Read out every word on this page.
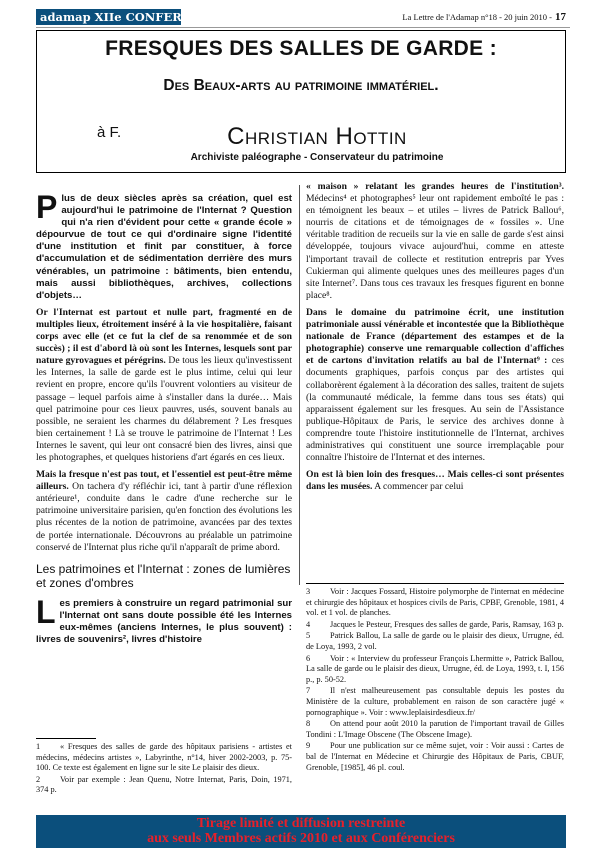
adamap XIIe CONFERENCE	La Lettre de l'Adamap n°18 - 20 juin 2010 - 17
FRESQUES DES SALLES DE GARDE :
Des Beaux-arts au patrimoine immatériel.
à F.	Christian Hottin
Archiviste paléographe - Conservateur du patrimoine

Plus de deux siècles après sa création, quel est aujourd'hui le patrimoine de l'Internat ? Question qui n'a rien d'évident pour cette « grande école » dépourvue de tout ce qui d'ordinaire signe l'identité d'une institution et finit par constituer, à force d'accumulation et de sédimentation derrière des murs vénérables, un patrimoine : bâtiments, bien entendu, mais aussi bibliothèques, archives, collections d'objets…

Or l'Internat est partout et nulle part, fragmenté en de multiples lieux, étroitement inséré à la vie hospitalière, faisant corps avec elle (et ce fut la clef de sa renommée et de son succès) ; il est d'abord là où sont les Internes, lesquels sont par nature gyrovagues et pérégrins. De tous les lieux qu'investissent les Internes, la salle de garde est le plus intime, celui qui leur revient en propre, encore qu'ils l'ouvrent volontiers au visiteur de passage – lequel parfois aime à s'installer dans la durée… Mais quel patrimoine pour ces lieux pauvres, usés, souvent banals au possible, ne seraient les charmes du délabrement ? Les fresques bien certainement ! Là se trouve le patrimoine de l'Internat ! Les Internes le savent, qui leur ont consacré bien des livres, ainsi que les photographes, et quelques historiens d'art égarés en ces lieux.

Mais la fresque n'est pas tout, et l'essentiel est peut-être même ailleurs. On tachera d'y réfléchir ici, tant à partir d'une réflexion antérieure¹, conduite dans le cadre d'une recherche sur le patrimoine universitaire parisien, qu'en fonction des évolutions les plus récentes de la notion de patrimoine, avancées par des textes de portée internationale. Découvrons au préalable un patrimoine conservé de l'Internat plus riche qu'il n'apparaît de prime abord.

Les patrimoines et l'Internat : zones de lumières et zones d'ombres

Les premiers à construire un regard patrimonial sur l'Internat ont sans doute possible été les Internes eux-mêmes (anciens Internes, le plus souvent) : livres de souvenirs², livres d'histoire

« maison » relatant les grandes heures de l'institution³. Médecins⁴ et photographes⁵ leur ont rapidement emboîté le pas : en témoignent les beaux – et utiles – livres de Patrick Ballou⁶, nourris de citations et de témoignages de « fossiles ». Une véritable tradition de recueils sur la vie en salle de garde s'est ainsi développée, toujours vivace aujourd'hui, comme en atteste l'important travail de collecte et restitution entrepris par Yves Cukierman qui alimente quelques unes des meilleures pages d'un site Internet⁷. Dans tous ces travaux les fresques figurent en bonne place⁸.

Dans le domaine du patrimoine écrit, une institution patrimoniale aussi vénérable et incontestée que la Bibliothèque nationale de France (département des estampes et de la photographie) conserve une remarquable collection d'affiches et de cartons d'invitation relatifs au bal de l'Internat⁹ : ces documents graphiques, parfois conçus par des artistes qui collaborèrent également à la décoration des salles, traitent de sujets (la communauté médicale, la femme dans tous ses états) qui apparaissent également sur les fresques. Au sein de l'Assistance publique-Hôpitaux de Paris, le service des archives donne à comprendre toute l'histoire institutionnelle de l'Internat, archives administratives qui constituent une source irremplaçable pour connaître l'histoire de l'Internat et des internes.

On est là bien loin des fresques… Mais celles-ci sont présentes dans les musées. A commencer par celui

1 « Fresques des salles de garde des hôpitaux parisiens - artistes et médecins, médecins artistes », Labyrinthe, n°14, hiver 2002-2003, p. 75-100. Ce texte est également en ligne sur le site Le plaisir des dieux.

2 Voir par exemple : Jean Quenu, Notre Internat, Paris, Doin, 1971, 374 p.

3 Voir : Jacques Fossard, Histoire polymorphe de l'internat en médecine et chirurgie des hôpitaux et hospices civils de Paris, CPBF, Grenoble, 1981, 4 vol. et 1 vol. de planches.

4 Jacques le Pesteur, Fresques des salles de garde, Paris, Ramsay, 163 p.

5 Patrick Ballou, La salle de garde ou le plaisir des dieux, Urrugne, éd. de Loya, 1993, 2 vol.

6 Voir : « Interview du professeur François Lhermitte », Patrick Ballou, La salle de garde ou le plaisir des dieux, Urrugne, éd. de Loya, 1993, t. I, 156 p., p. 50-52.

7 Il n'est malheureusement pas consultable depuis les postes du Ministère de la culture, probablement en raison de son caractère jugé « pornographique ». Voir : www.leplaisirdesdieux.fr/

8 On attend pour août 2010 la parution de l'important travail de Gilles Tondini : L'Image Obscene (The Obscene Image).

9 Pour une publication sur ce même sujet, voir : Voir aussi : Cartes de bal de l'Internat en Médecine et Chirurgie des Hôpitaux de Paris, CBUF, Grenoble, [1985], 46 pl. coul.

Tirage limité et diffusion restreinte
aux seuls Membres actifs 2010 et aux Conférenciers
